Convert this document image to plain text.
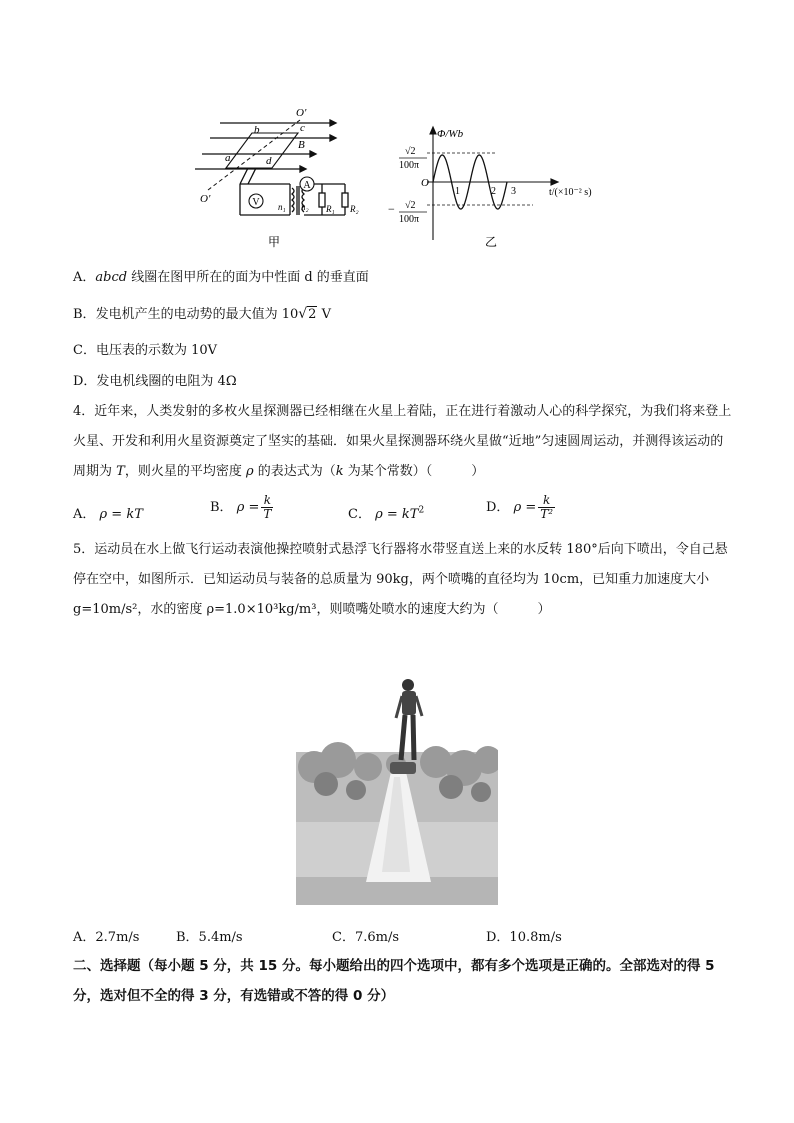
V
A
O'
O'
a
b	c
d
B
n₁ n₂ R₁ R₂
甲
Φ/Wb
t/(×10⁻² s)
O
√2
100π
− √2
100π
1	2 3
乙
A．abcd 线圈在图甲所在的面为中性面 d 的垂直面
B．发电机产生的电动势的最大值为 10√2 V
C．电压表的示数为 10V
D．发电机线圈的电阻为 4Ω
4．近年来，人类发射的多枚火星探测器已经相继在火星上着陆，正在进行着激动人心的科学探究，为我们将来登上火星、开发和利用火星资源奠定了坚实的基础．如果火星探测器环绕火星做“近地”匀速圆周运动，并测得该运动的周期为 T，则火星的平均密度 ρ 的表达式为（k 为某个常数）（　　　）
A． ρ = kT	B． $\rho = \frac{k}{T}$	C． $\rho = kT^2$	D． $\rho = \frac{k}{\text{T²}}$
5．运动员在水上做飞行运动表演他操控喷射式悬浮飞行器将水带竖直送上来的水反转 180°后向下喷出，令自己悬停在空中，如图所示．已知运动员与装备的总质量为 90kg，两个喷嘴的直径均为 10cm，已知重力加速度大小 g=10m/s²，水的密度 ρ=1.0×10³kg/m³，则喷嘴处喷水的速度大约为（　　　）
A．2.7m/s	B．5.4m/s	C．7.6m/s	D．10.8m/s
二、选择题（每小题 5 分，共 15 分。每小题给出的四个选项中，都有多个选项是正确的。全部选对的得 5 分，选对但不全的得 3 分，有选错或不答的得 0 分）
